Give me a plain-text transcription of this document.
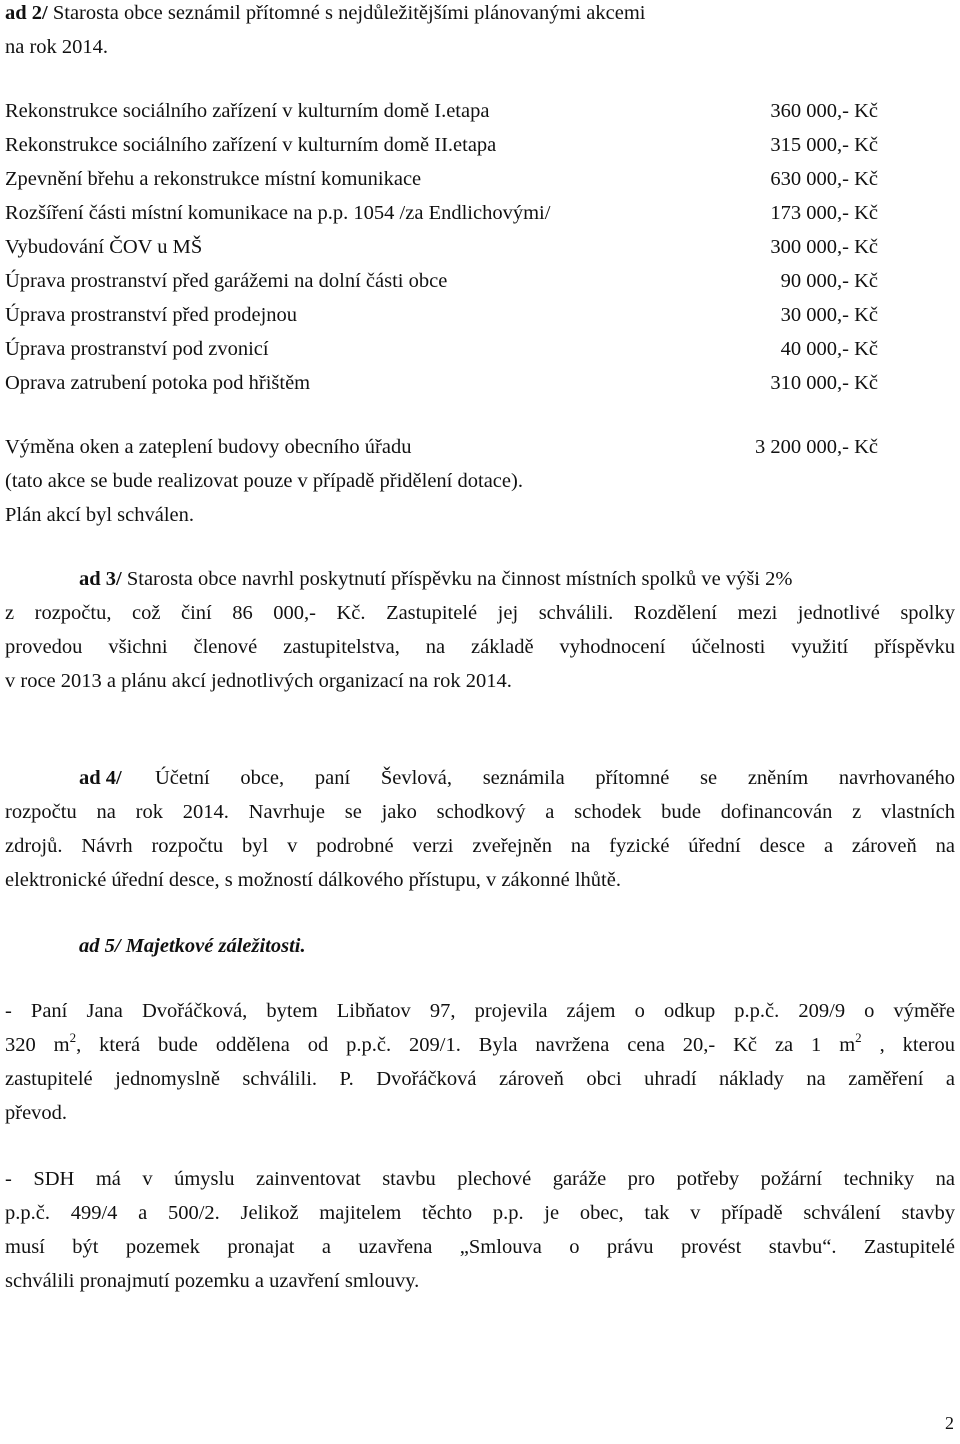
ad 2/ Starosta obce seznámil přítomné s nejdůležitějšími plánovanými akcemi
na rok 2014.
Rekonstrukce sociálního zařízení v kulturním domě I.etapa	360 000,- Kč
Rekonstrukce sociálního zařízení v kulturním domě II.etapa	315 000,- Kč
Zpevnění břehu a rekonstrukce místní komunikace	630 000,- Kč
Rozšíření části místní komunikace na p.p. 1054 /za Endlichovými/	173 000,- Kč
Vybudování ČOV u MŠ	300 000,- Kč
Úprava prostranství před garážemi na dolní části obce	90 000,- Kč
Úprava prostranství před prodejnou	30 000,- Kč
Úprava prostranství pod zvonicí	40 000,- Kč
Oprava zatrubení potoka pod hřištěm	310 000,- Kč
Výměna oken a zateplení budovy obecního úřadu	3 200 000,- Kč
(tato akce se bude realizovat pouze v případě přidělení dotace).
Plán akcí byl schválen.
ad 3/ Starosta obce navrhl poskytnutí příspěvku na činnost místních spolků ve výši 2%
z rozpočtu, což činí 86 000,- Kč. Zastupitelé jej schválili. Rozdělení mezi jednotlivé spolky
provedou všichni členové zastupitelstva, na základě vyhodnocení účelnosti využití příspěvku
v roce 2013 a plánu akcí jednotlivých organizací na rok 2014.
ad 4/ Účetní obce, paní Ševlová, seznámila přítomné se zněním navrhovaného
rozpočtu na rok 2014. Navrhuje se jako schodkový a schodek bude dofinancován z vlastních
zdrojů. Návrh rozpočtu byl v podrobné verzi zveřejněn na fyzické úřední desce a zároveň na
elektronické úřední desce, s možností dálkového přístupu, v zákonné lhůtě.
ad 5/ Majetkové záležitosti.
- Paní Jana Dvořáčková, bytem Libňatov 97, projevila zájem o odkup p.p.č. 209/9 o výměře
320 $m^2$, která bude oddělena od p.p.č. 209/1. Byla navržena cena 20,- Kč za 1 $m^2$ , kterou
zastupitelé jednomyslně schválili. P. Dvořáčková zároveň obci uhradí náklady na zaměření a
převod.
- SDH má v úmyslu zainventovat stavbu plechové garáže pro potřeby požární techniky na
p.p.č. 499/4 a 500/2. Jelikož majitelem těchto p.p. je obec, tak v případě schválení stavby
musí být pozemek pronajat a uzavřena „Smlouva o právu provést stavbu“. Zastupitelé
schválili pronajmutí pozemku a uzavření smlouvy.
2
